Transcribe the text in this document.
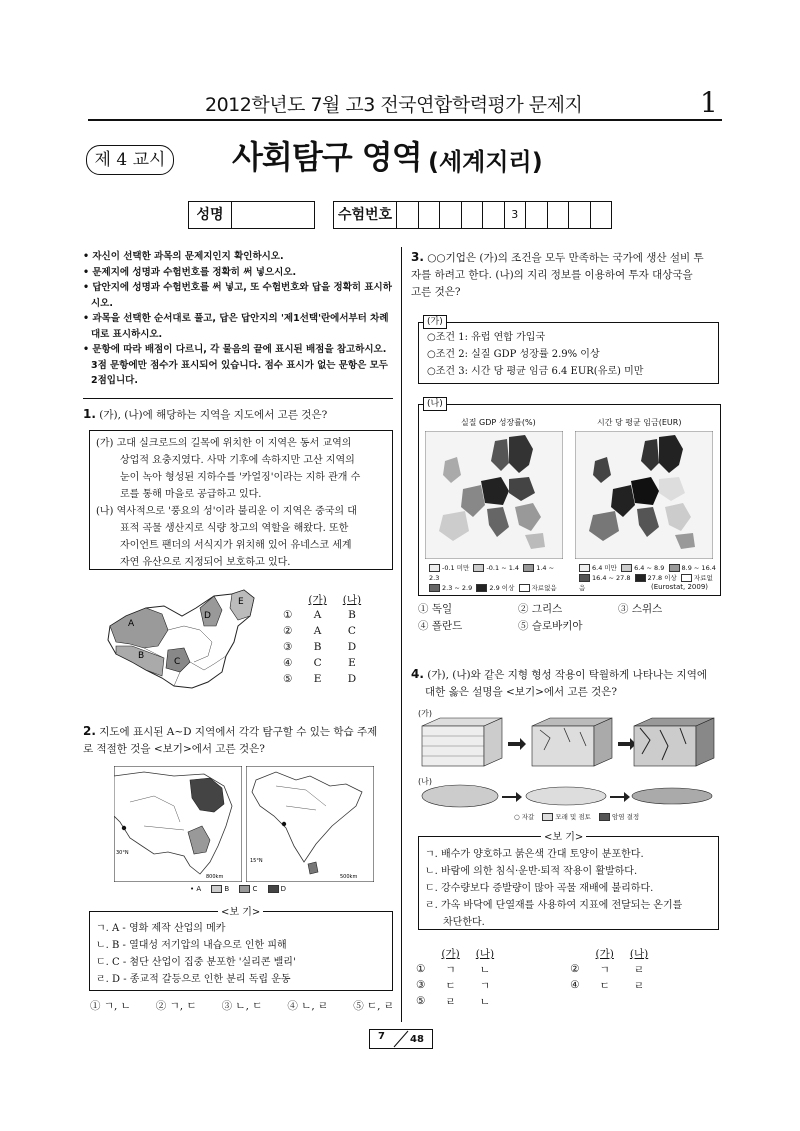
2012학년도 7월 고3 전국연합학력평가 문제지	1
제 4 교시 사회탐구 영역 (세계지리)
성명	수험번호	3
• 자신이 선택한 과목의 문제지인지 확인하시오.
• 문제지에 성명과 수험번호를 정확히 써 넣으시오.
• 답안지에 성명과 수험번호를 써 넣고, 또 수험번호와 답을 정확히 표시하시오.
• 과목을 선택한 순서대로 풀고, 답은 답안지의 '제1선택'란에서부터 차례대로 표시하시오.
• 문항에 따라 배점이 다르니, 각 물음의 끝에 표시된 배점을 참고하시오. 3점 문항에만 점수가 표시되어 있습니다. 점수 표시가 없는 문항은 모두 2점입니다.
1. (가), (나)에 해당하는 지역을 지도에서 고른 것은?

(가) 고대 실크로드의 길목에 위치한 이 지역은 동서 교역의

상업적 요충지였다. 사막 기후에 속하지만 고산 지역의

눈이 녹아 형성된 지하수를 '카얼징'이라는 지하 관개 수

로를 통해 마을로 공급하고 있다.

(나) 역사적으로 '풍요의 성'이라 불리운 이 지역은 중국의 대

표적 곡물 생산지로 식량 창고의 역할을 해왔다. 또한

자이언트 팬더의 서식지가 위치해 있어 유네스코 세계

자연 유산으로 지정되어 보호하고 있다.

A
B
C
D
E
		(가)	(나)
①	A	B
②	A	C
③	B	D
④	C	E
⑤	E	D
2. 지도에 표시된 A~D 지역에서 각각 탐구할 수 있는 학습 주제
로 적절한 것을 <보기>에서 고른 것은?
30°N
800km
15°N
500km
• A	B	C	D
<보 기>

ㄱ. A - 영화 제작 산업의 메카

ㄴ. B - 열대성 저기압의 내습으로 인한 피해

ㄷ. C - 첨단 산업이 집중 분포한 '실리콘 밸리'

ㄹ. D - 종교적 갈등으로 인한 분리 독립 운동

① ㄱ, ㄴ ② ㄱ, ㄷ ③ ㄴ, ㄷ ④ ㄴ, ㄹ ⑤ ㄷ, ㄹ
3. ○○기업은 (가)의 조건을 모두 만족하는 국가에 생산 설비 투
자를 하려고 한다. (나)의 지리 정보를 이용하여 투자 대상국을
고른 것은?
(가)

○조건 1: 유럽 연합 가입국

○조건 2: 실질 GDP 성장률 2.9% 이상

○조건 3: 시간 당 평균 임금 6.4 EUR(유로) 미만

(나)
실질 GDP 성장률(%)	시간 당 평균 임금(EUR)
-0.1 미만	-0.1 ~ 1.4	1.4 ~ 2.3
2.3 ~ 2.9	2.9 이상	자료없음
6.4 미만	6.4 ~ 8.9	8.9 ~ 16.4
16.4 ~ 27.8	27.8 이상	자료없음	(Eurostat, 2009)
① 독일	② 그리스	③ 스위스
④ 폴란드	⑤ 슬로바키아
4. (가), (나)와 같은 지형 형성 작용이 탁월하게 나타나는 지역에
대한 옳은 설명을 <보기>에서 고른 것은?
(가)
(나)
○ 자갈	모래 및 점토	암염 결정
<보 기>

ㄱ. 배수가 양호하고 붉은색 간대 토양이 분포한다.

ㄴ. 바람에 의한 침식·운반·퇴적 작용이 활발하다.

ㄷ. 강수량보다 증발량이 많아 곡물 재배에 불리하다.

ㄹ. 가옥 바닥에 단열재를 사용하여 지표에 전달되는 온기를

차단한다.

	(가)	(나)			(가)	(나)
①	ㄱ	ㄴ		②	ㄱ	ㄹ
③	ㄷ	ㄱ		④	ㄷ	ㄹ
⑤	ㄹ	ㄴ				
7	48
